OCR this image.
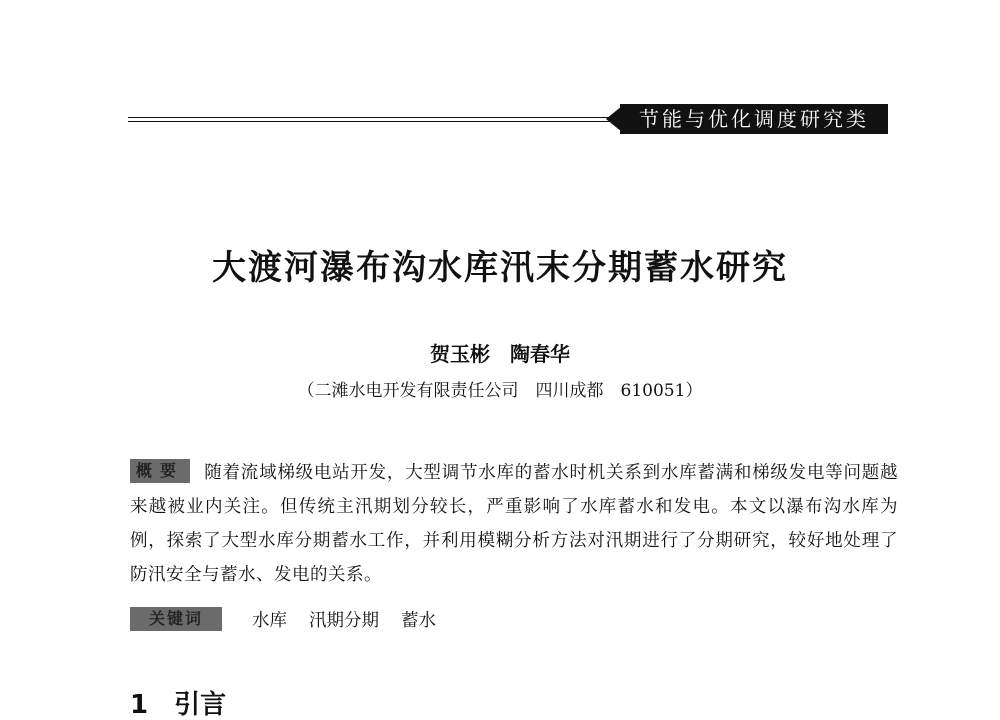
节能与优化调度研究类
大渡河瀑布沟水库汛末分期蓄水研究
贺玉彬　陶春华
（二滩水电开发有限责任公司　四川成都　610051）
概要 随着流域梯级电站开发，大型调节水库的蓄水时机关系到水库蓄满和梯级发电等问题越来越被业内关注。但传统主汛期划分较长，严重影响了水库蓄水和发电。本文以瀑布沟水库为例，探索了大型水库分期蓄水工作，并利用模糊分析方法对汛期进行了分期研究，较好地处理了防汛安全与蓄水、发电的关系。
关键词	水库 汛期分期 蓄水
1　引言
